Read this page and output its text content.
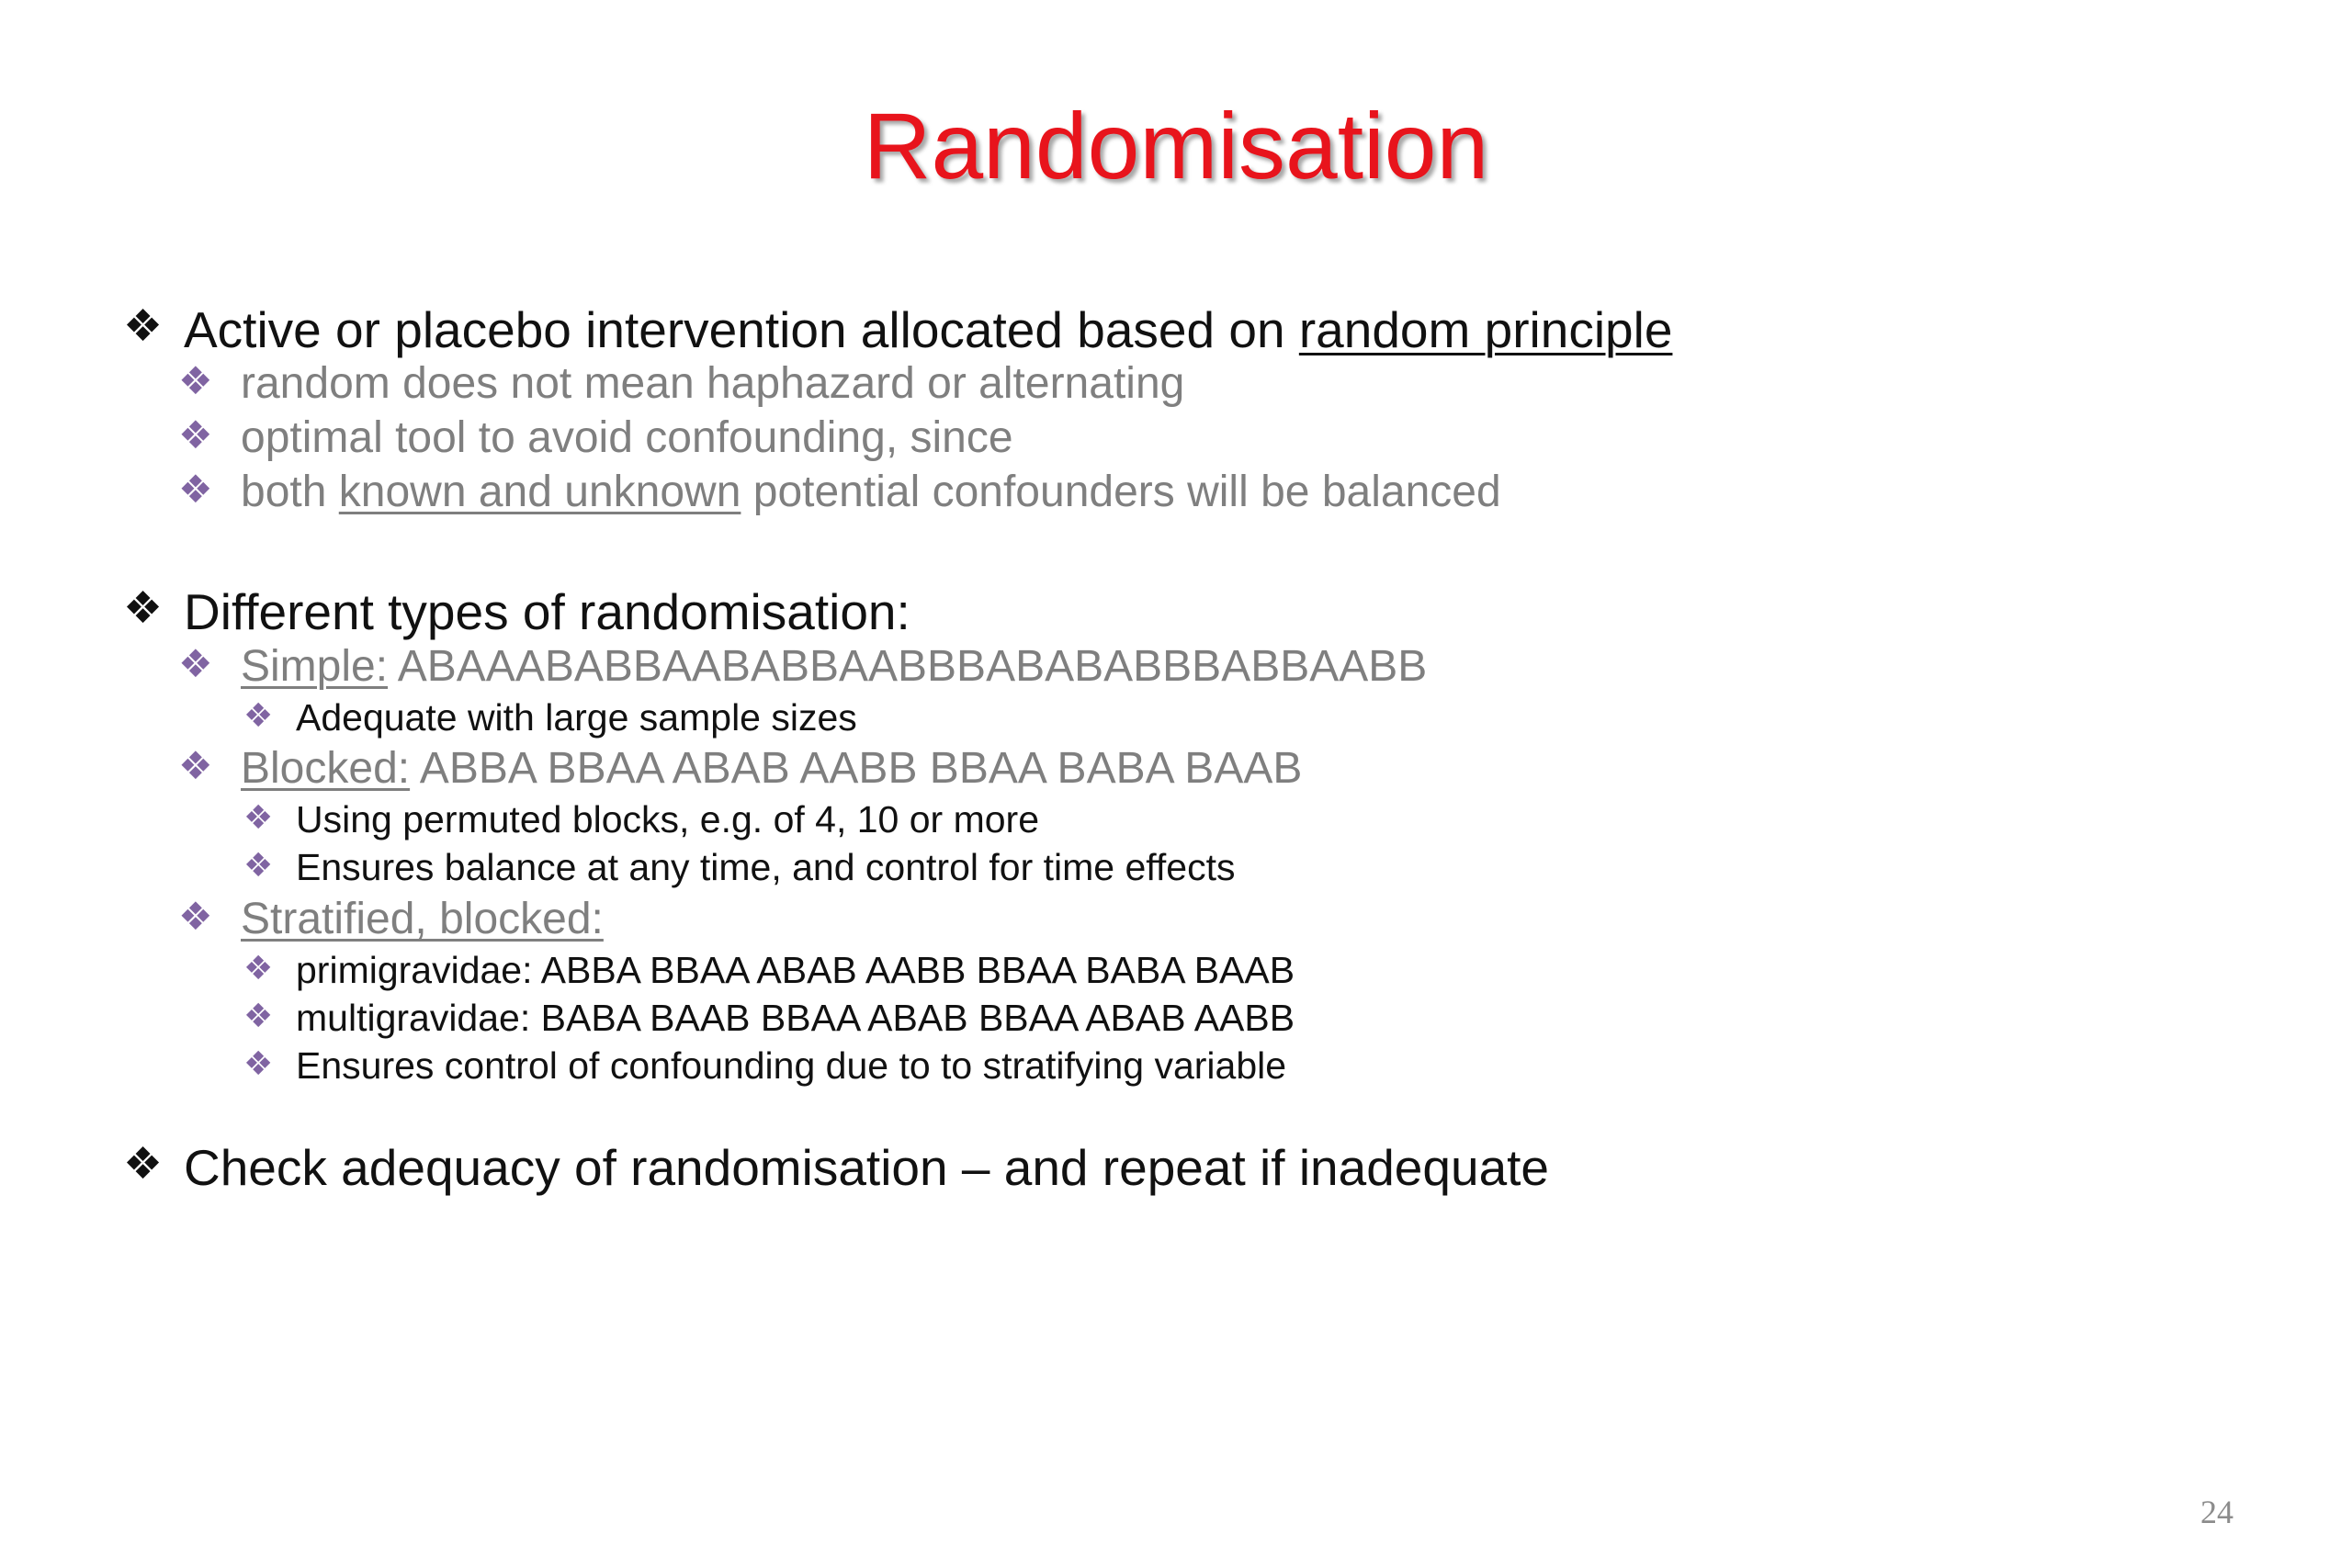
Randomisation
❖ Active or placebo intervention allocated based on random principle
❖ random does not mean haphazard or alternating
❖ optimal tool to avoid confounding, since
❖ both known and unknown potential confounders will be balanced
❖ Different types of randomisation:
❖ Simple: ABAAABABBAABABBAABBBABABABBBABBAABB
❖ Adequate with large sample sizes
❖ Blocked: ABBA BBAA ABAB AABB BBAA BABA BAAB
❖ Using permuted blocks, e.g. of 4, 10 or more
❖ Ensures balance at any time, and control for time effects
❖ Stratified, blocked:
❖ primigravidae: ABBA BBAA ABAB AABB BBAA BABA BAAB
❖ multigravidae: BABA BAAB BBAA ABAB BBAA ABAB AABB
❖ Ensures control of confounding due to to stratifying variable
❖ Check adequacy of randomisation – and repeat if inadequate
24
